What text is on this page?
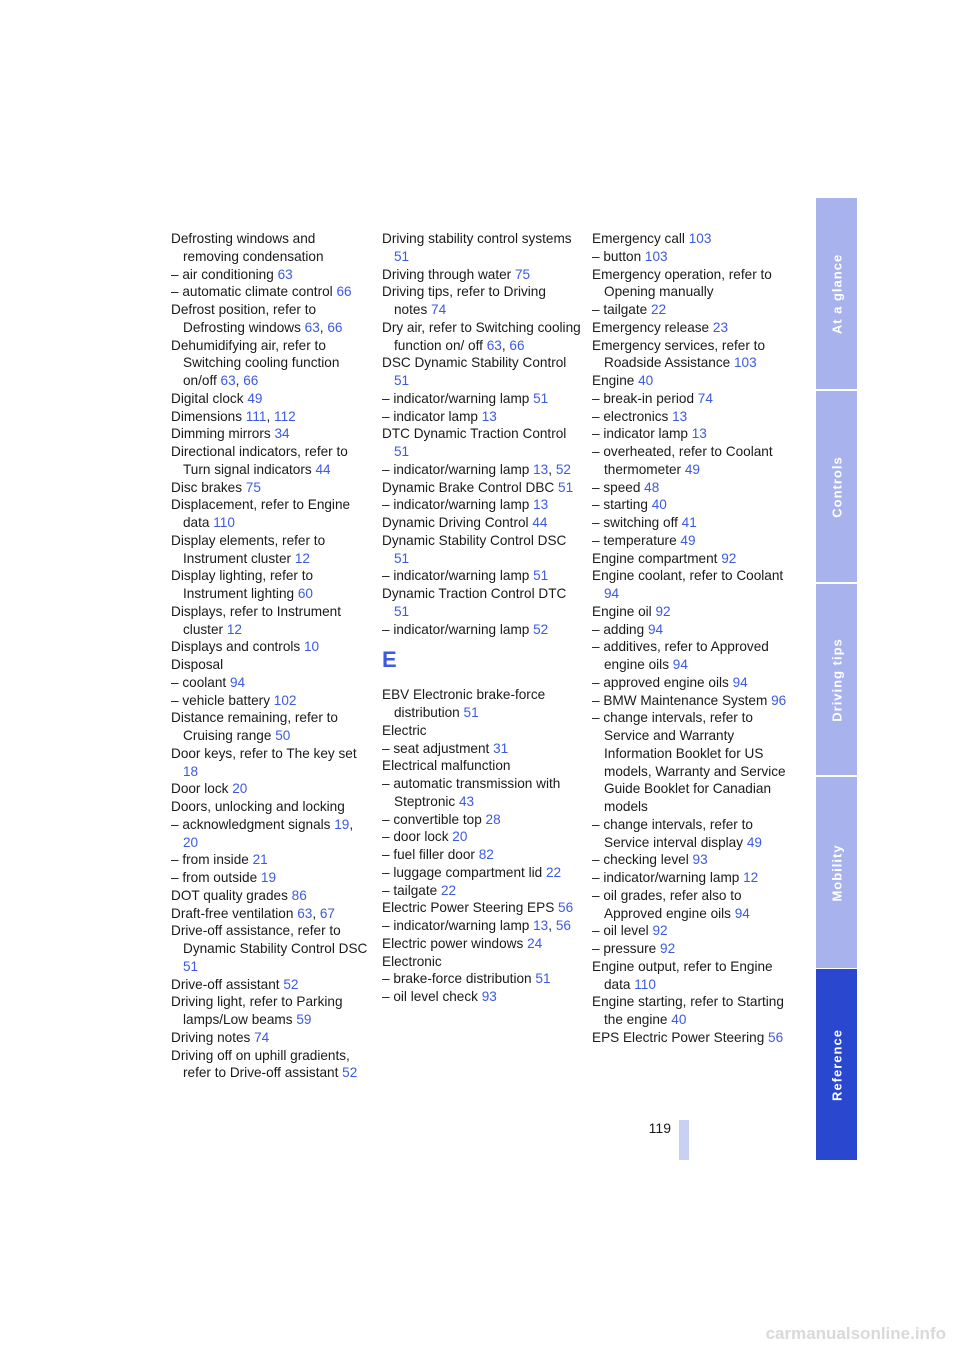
Defrosting windows and removing condensation
– air conditioning 63
– automatic climate control 66
Defrost position, refer to Defrosting windows 63, 66
Dehumidifying air, refer to Switching cooling function on/off 63, 66
Digital clock 49
Dimensions 111, 112
Dimming mirrors 34
Directional indicators, refer to Turn signal indicators 44
Disc brakes 75
Displacement, refer to Engine data 110
Display elements, refer to Instrument cluster 12
Display lighting, refer to Instrument lighting 60
Displays, refer to Instrument cluster 12
Displays and controls 10
Disposal
– coolant 94
– vehicle battery 102
Distance remaining, refer to Cruising range 50
Door keys, refer to The key set 18
Door lock 20
Doors, unlocking and locking
– acknowledgment signals 19, 20
– from inside 21
– from outside 19
DOT quality grades 86
Draft-free ventilation 63, 67
Drive-off assistance, refer to Dynamic Stability Control DSC 51
Drive-off assistant 52
Driving light, refer to Parking lamps/Low beams 59
Driving notes 74
Driving off on uphill gradients, refer to Drive-off assistant 52
Driving stability control systems 51
Driving through water 75
Driving tips, refer to Driving notes 74
Dry air, refer to Switching cooling function on/ off 63, 66
DSC Dynamic Stability Control 51
– indicator/warning lamp 51
– indicator lamp 13
DTC Dynamic Traction Control 51
– indicator/warning lamp 13, 52
Dynamic Brake Control DBC 51
– indicator/warning lamp 13
Dynamic Driving Control 44
Dynamic Stability Control DSC 51
– indicator/warning lamp 51
Dynamic Traction Control DTC 51
– indicator/warning lamp 52
E
EBV Electronic brake-force distribution 51
Electric
– seat adjustment 31
Electrical malfunction
– automatic transmission with Steptronic 43
– convertible top 28
– door lock 20
– fuel filler door 82
– luggage compartment lid 22
– tailgate 22
Electric Power Steering EPS 56
– indicator/warning lamp 13, 56
Electric power windows 24
Electronic
– brake-force distribution 51
– oil level check 93
Emergency call 103
– button 103
Emergency operation, refer to Opening manually
– tailgate 22
Emergency release 23
Emergency services, refer to Roadside Assistance 103
Engine 40
– break-in period 74
– electronics 13
– indicator lamp 13
– overheated, refer to Coolant thermometer 49
– speed 48
– starting 40
– switching off 41
– temperature 49
Engine compartment 92
Engine coolant, refer to Coolant 94
Engine oil 92
– adding 94
– additives, refer to Approved engine oils 94
– approved engine oils 94
– BMW Maintenance System 96
– change intervals, refer to Service and Warranty Information Booklet for US models, Warranty and Service Guide Booklet for Canadian models
– change intervals, refer to Service interval display 49
– checking level 93
– indicator/warning lamp 12
– oil grades, refer also to Approved engine oils 94
– oil level 92
– pressure 92
Engine output, refer to Engine data 110
Engine starting, refer to Starting the engine 40
EPS Electric Power Steering 56
At a glance
Controls
Driving tips
Mobility
Reference
119
carmanualsonline.info
